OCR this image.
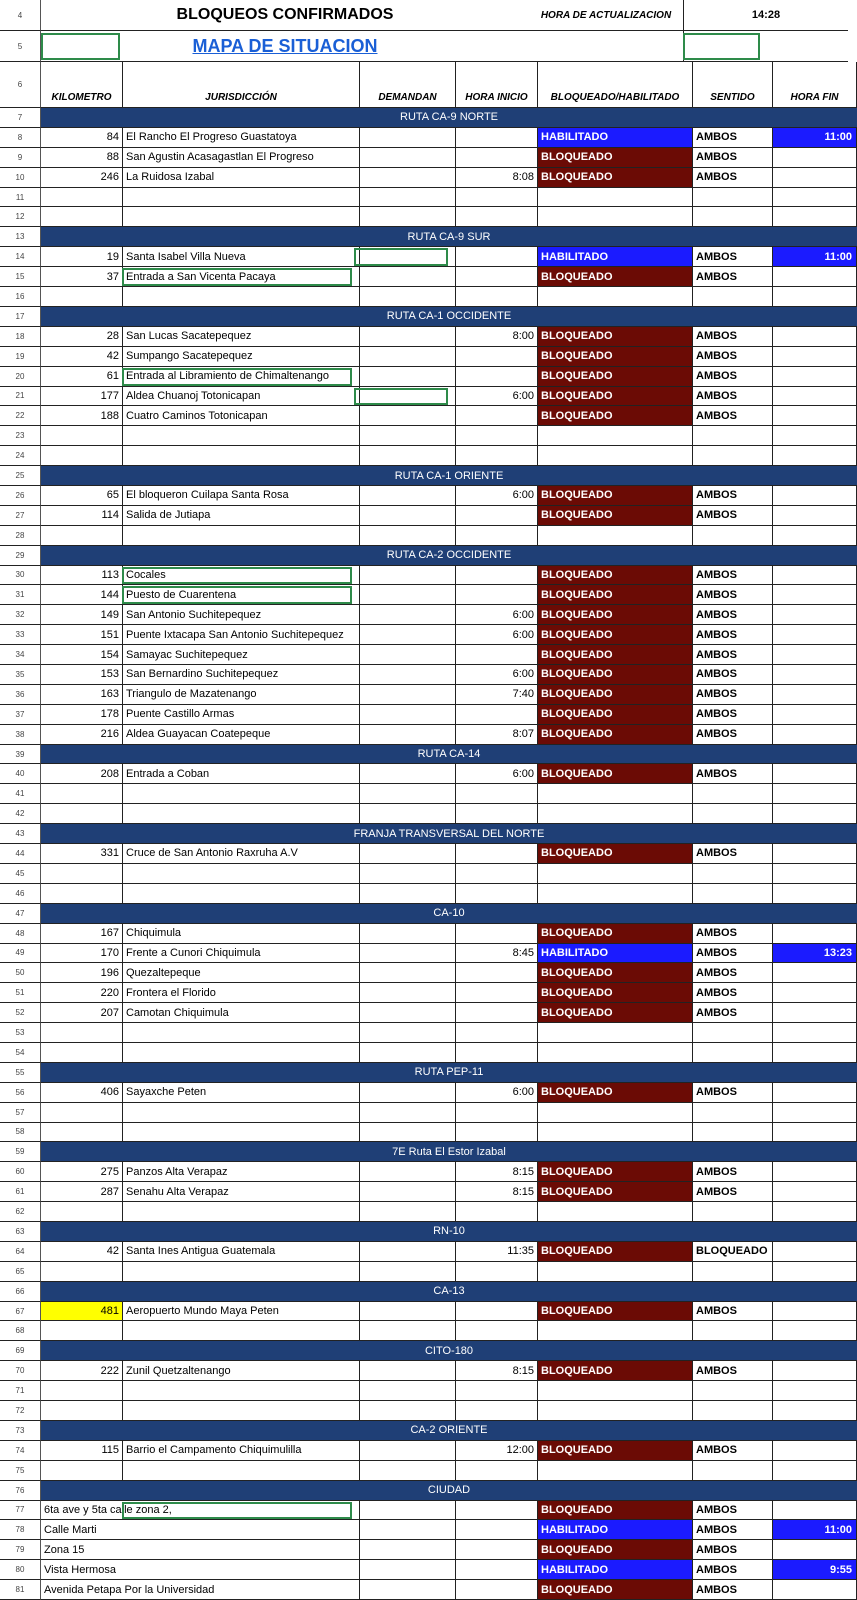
4	BLOQUEOS CONFIRMADOS	HORA DE ACTUALIZACION	14:28
5	MAPA DE SITUACION
6
KILOMETRO	JURISDICCIÓN	DEMANDAN	HORA INICIO	BLOQUEADO/HABILITADO	SENTIDO	HORA FIN
7	RUTA CA-9 NORTE
8	84 El Rancho El Progreso Guastatoya	HABILITADO	AMBOS	11:00
9	88 San Agustin Acasagastlan El Progreso	BLOQUEADO	AMBOS
10	246 La Ruidosa Izabal	8:08 BLOQUEADO	AMBOS
11
12
13	RUTA CA-9 SUR
14	19 Santa Isabel Villa Nueva	HABILITADO	AMBOS	11:00
15	37 Entrada a San Vicenta Pacaya	BLOQUEADO	AMBOS
16
17	RUTA CA-1 OCCIDENTE
18	28 San Lucas Sacatepequez	8:00 BLOQUEADO	AMBOS
19	42 Sumpango Sacatepequez	BLOQUEADO	AMBOS
20	61 Entrada al Libramiento de Chimaltenango	BLOQUEADO	AMBOS
21	177 Aldea Chuanoj Totonicapan	6:00 BLOQUEADO	AMBOS
22	188 Cuatro Caminos Totonicapan	BLOQUEADO	AMBOS
23
24
25	RUTA CA-1 ORIENTE
26	65 El bloqueron Cuilapa Santa Rosa	6:00 BLOQUEADO	AMBOS
27	114 Salida de Jutiapa	BLOQUEADO	AMBOS
28
29	RUTA CA-2 OCCIDENTE
30	113 Cocales	BLOQUEADO	AMBOS
31	144 Puesto de Cuarentena	BLOQUEADO	AMBOS
32	149 San Antonio Suchitepequez	6:00 BLOQUEADO	AMBOS
33	151 Puente Ixtacapa San Antonio Suchitepequez	6:00 BLOQUEADO	AMBOS
34	154 Samayac Suchitepequez	BLOQUEADO	AMBOS
35	153 San Bernardino Suchitepequez	6:00 BLOQUEADO	AMBOS
36	163 Triangulo de Mazatenango	7:40 BLOQUEADO	AMBOS
37	178 Puente Castillo Armas	BLOQUEADO	AMBOS
38	216 Aldea Guayacan Coatepeque	8:07 BLOQUEADO	AMBOS
39	RUTA CA-14
40	208 Entrada a Coban	6:00 BLOQUEADO	AMBOS
41
42
43	FRANJA TRANSVERSAL DEL NORTE
44	331 Cruce de San Antonio Raxruha A.V	BLOQUEADO	AMBOS
45
46
47	CA-10
48	167 Chiquimula	BLOQUEADO	AMBOS
49	170 Frente a Cunori Chiquimula	8:45 HABILITADO	AMBOS	13:23
50	196 Quezaltepeque	BLOQUEADO	AMBOS
51	220 Frontera el Florido	BLOQUEADO	AMBOS
52	207 Camotan Chiquimula	BLOQUEADO	AMBOS
53
54
55	RUTA PEP-11
56	406 Sayaxche Peten	6:00 BLOQUEADO	AMBOS
57
58
59	7E Ruta El Estor Izabal
60	275 Panzos Alta Verapaz	8:15 BLOQUEADO	AMBOS
61	287 Senahu Alta Verapaz	8:15 BLOQUEADO	AMBOS
62
63	RN-10
64	42 Santa Ines Antigua Guatemala	11:35 BLOQUEADO	BLOQUEADO
65
66	CA-13
67	481 Aeropuerto Mundo Maya Peten	BLOQUEADO	AMBOS
68
69	CITO-180
70	222 Zunil Quetzaltenango	8:15 BLOQUEADO	AMBOS
71
72
73	CA-2 ORIENTE
74	115 Barrio el Campamento Chiquimulilla	12:00 BLOQUEADO	AMBOS
75
76	CIUDAD
77	6ta ave y 5ta calle zona 2,	BLOQUEADO	AMBOS
78	Calle Marti	HABILITADO	AMBOS	11:00
79	Zona 15	BLOQUEADO	AMBOS
80	Vista Hermosa	HABILITADO	AMBOS	9:55
81	Avenida Petapa Por la Universidad	BLOQUEADO	AMBOS
